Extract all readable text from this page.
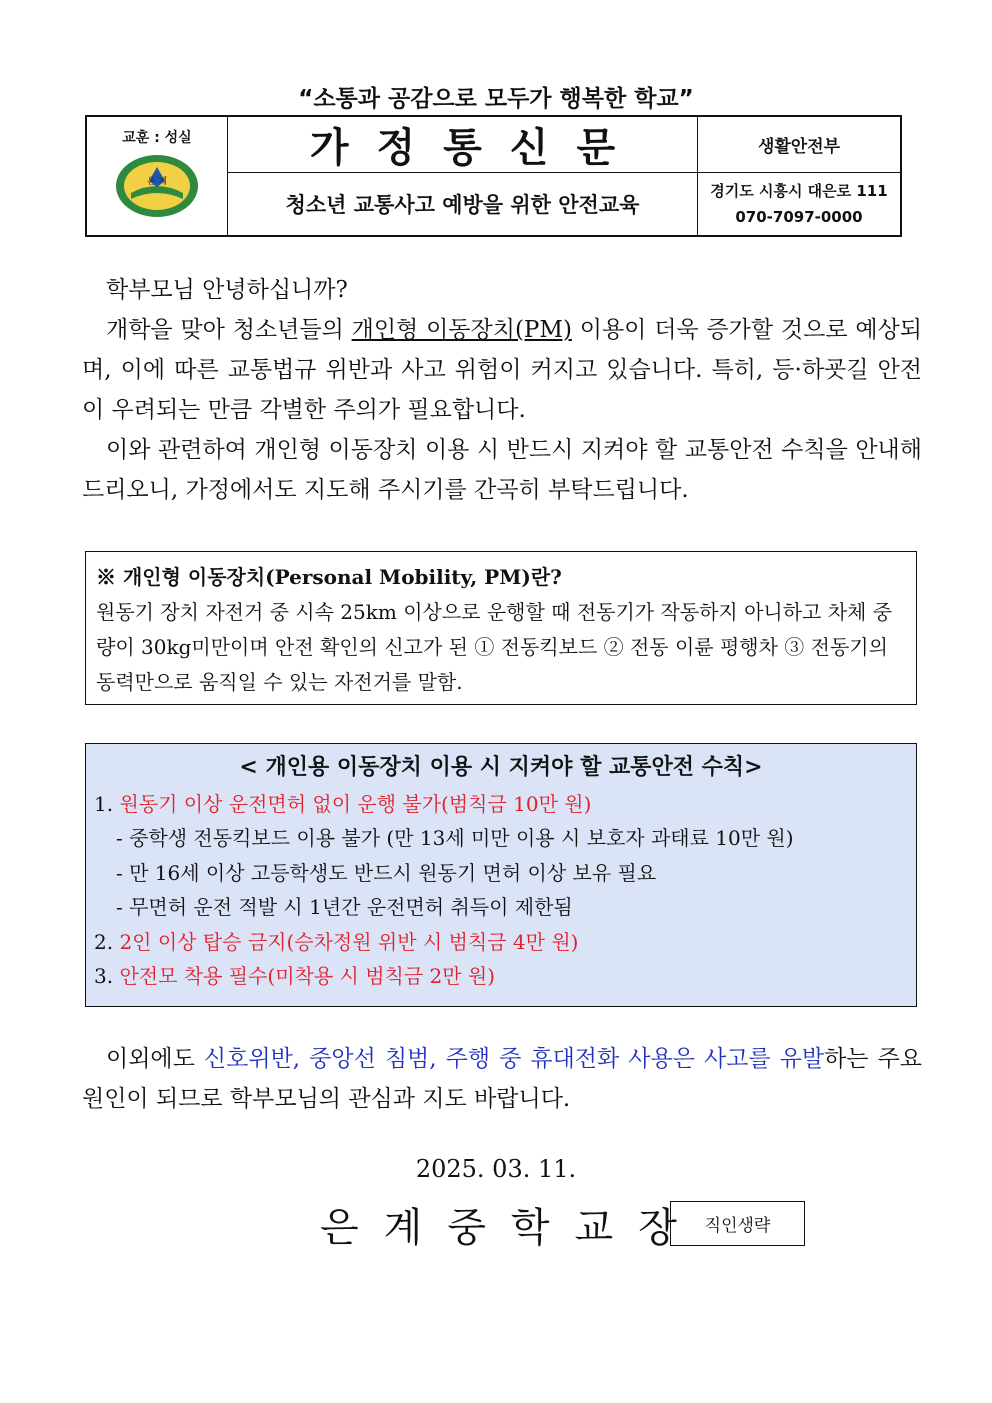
“소통과 공감으로 모두가 행복한 학교”
교훈 : 성실
은 계
가정통신문	생활안전부
청소년 교통사고 예방을 위한 안전교육
경기도 시흥시 대은로 111
070-7097-0000

학부모님 안녕하십니까?

개학을 맞아 청소년들의 개인형 이동장치(PM) 이용이 더욱 증가할 것으로 예상되며, 이에 따른 교통법규 위반과 사고 위험이 커지고 있습니다. 특히, 등·하굣길 안전이 우려되는 만큼 각별한 주의가 필요합니다.

이와 관련하여 개인형 이동장치 이용 시 반드시 지켜야 할 교통안전 수칙을 안내해 드리오니, 가정에서도 지도해 주시기를 간곡히 부탁드립니다.

※ 개인형 이동장치(Personal Mobility, PM)란?
원동기 장치 자전거 중 시속 25km 이상으로 운행할 때 전동기가 작동하지 아니하고 차체 중량이 30kg미만이며 안전 확인의 신고가 된 ① 전동킥보드 ② 전동 이륜 평행차 ③ 전동기의 동력만으로 움직일 수 있는 자전거를 말함.
< 개인용 이동장치 이용 시 지켜야 할 교통안전 수칙>
1. 원동기 이상 운전면허 없이 운행 불가(범칙금 10만 원)
- 중학생 전동킥보드 이용 불가 (만 13세 미만 이용 시 보호자 과태료 10만 원)
- 만 16세 이상 고등학생도 반드시 원동기 면허 이상 보유 필요
- 무면허 운전 적발 시 1년간 운전면허 취득이 제한됨
2. 2인 이상 탑승 금지(승차정원 위반 시 범칙금 4만 원)
3. 안전모 착용 필수(미착용 시 범칙금 2만 원)

이외에도 신호위반, 중앙선 침범, 주행 중 휴대전화 사용은 사고를 유발하는 주요 원인이 되므로 학부모님의 관심과 지도 바랍니다.

2025. 03. 11.
은계중학교장 직인생략
